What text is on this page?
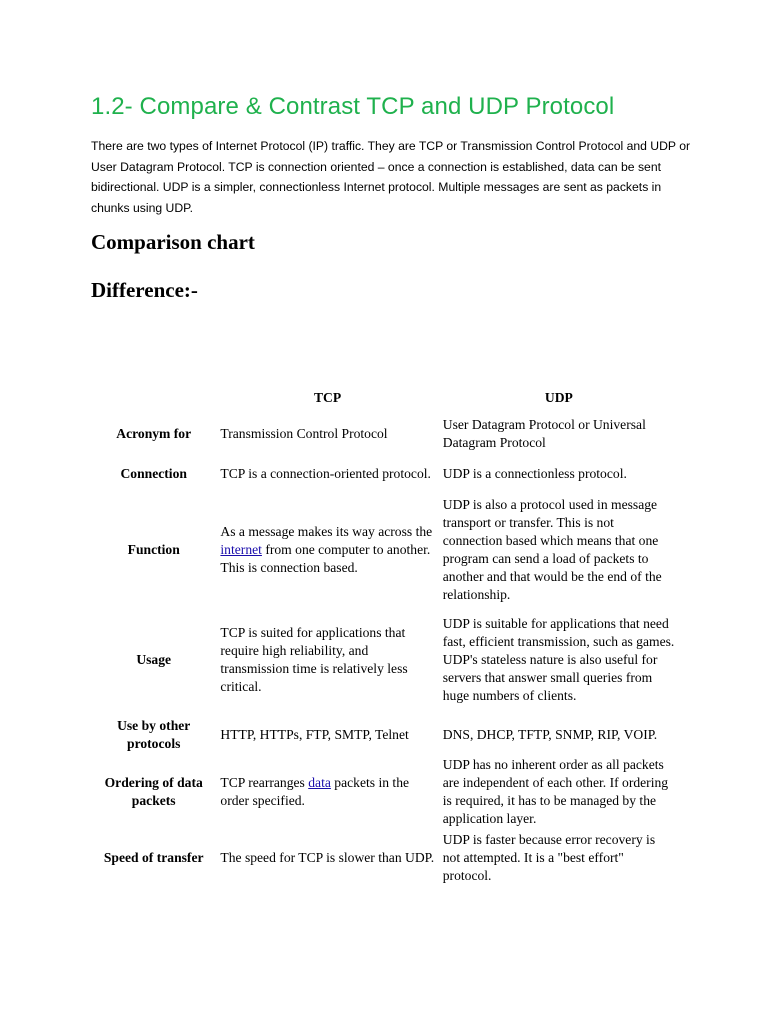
1.2- Compare & Contrast TCP and UDP Protocol

There are two types of Internet Protocol (IP) traffic. They are TCP or Transmission Control Protocol and UDP or User Datagram Protocol. TCP is connection oriented – once a connection is established, data can be sent bidirectional. UDP is a simpler, connectionless Internet protocol. Multiple messages are sent as packets in chunks using UDP.

Comparison chart
Difference:-
	TCP	UDP
Acronym for	Transmission Control Protocol	User Datagram Protocol or Universal Datagram Protocol
Connection	TCP is a connection-oriented protocol.	UDP is a connectionless protocol.
Function	As a message makes its way across the internet from one computer to another. This is connection based.	UDP is also a protocol used in message transport or transfer. This is not connection based which means that one program can send a load of packets to another and that would be the end of the relationship.
Usage	TCP is suited for applications that require high reliability, and transmission time is relatively less critical.	UDP is suitable for applications that need fast, efficient transmission, such as games. UDP's stateless nature is also useful for servers that answer small queries from huge numbers of clients.
Use by other protocols	HTTP, HTTPs, FTP, SMTP, Telnet	DNS, DHCP, TFTP, SNMP, RIP, VOIP.
Ordering of data packets	TCP rearranges data packets in the order specified.	UDP has no inherent order as all packets are independent of each other. If ordering is required, it has to be managed by the application layer.
Speed of transfer	The speed for TCP is slower than UDP.	UDP is faster because error recovery is not attempted. It is a "best effort" protocol.
